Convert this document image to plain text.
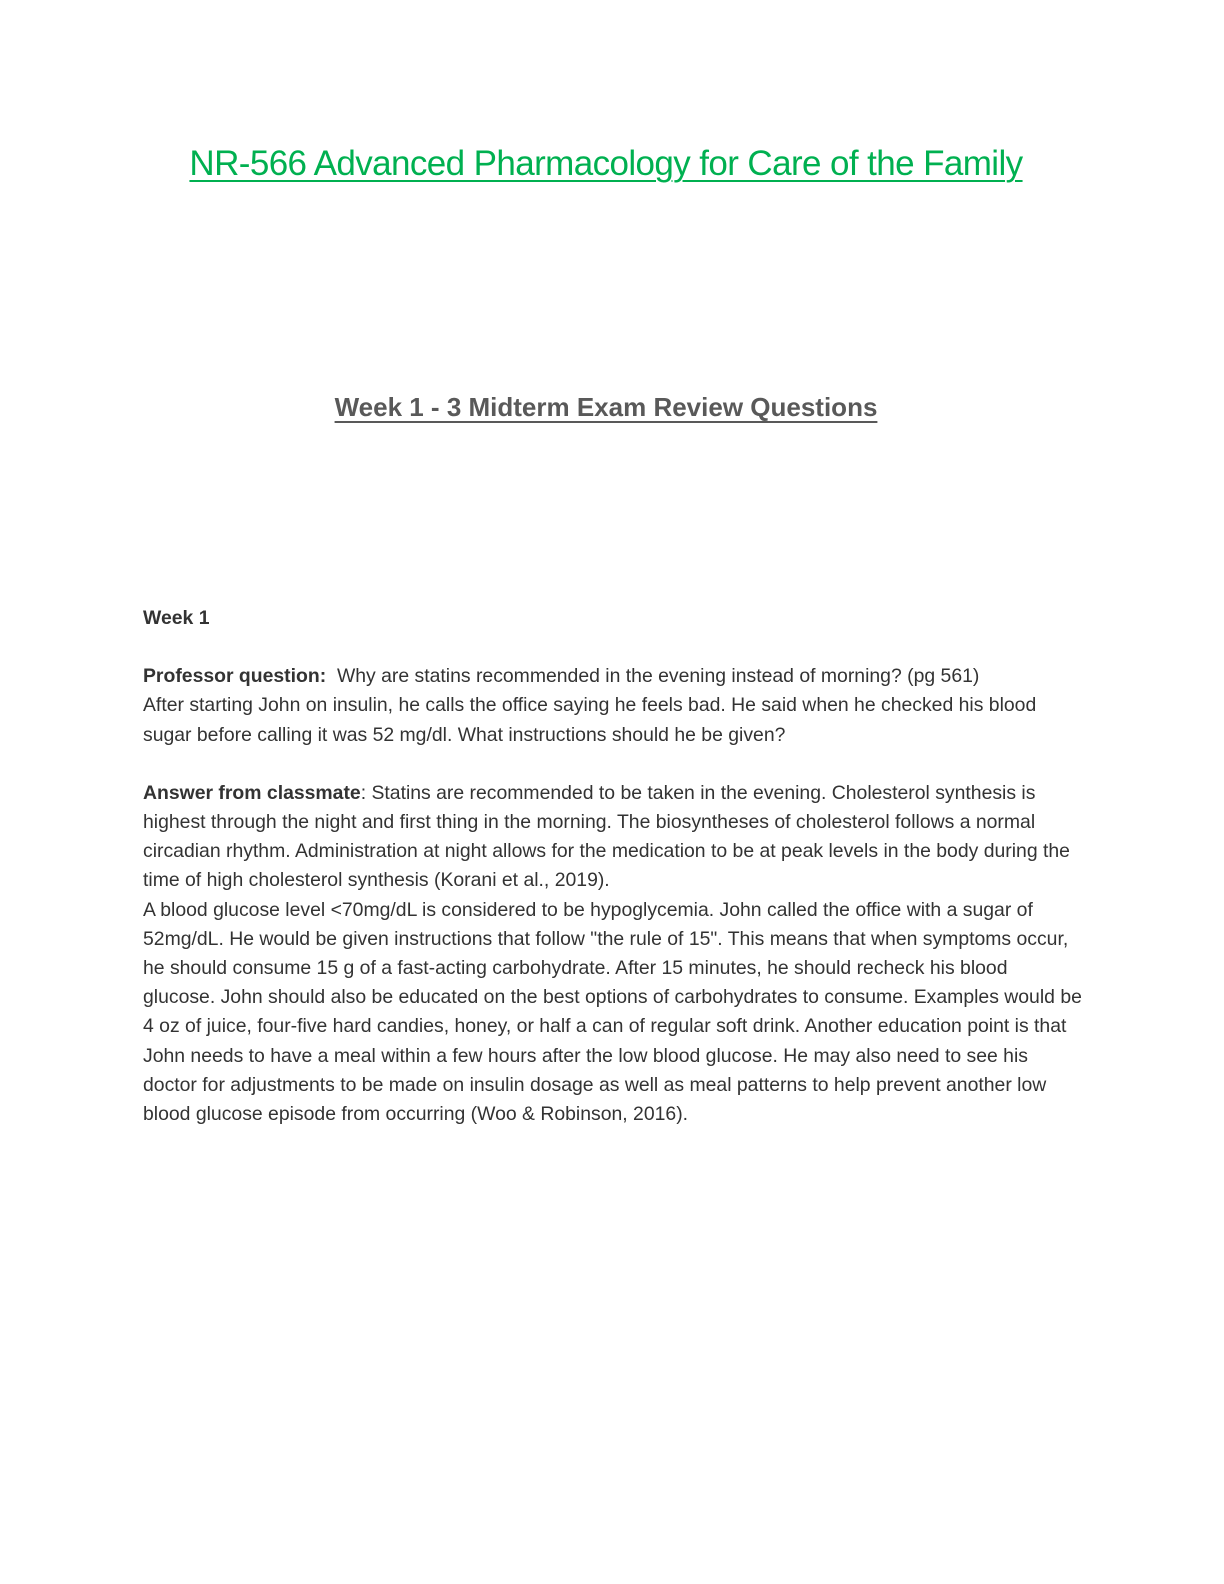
NR-566 Advanced Pharmacology for Care of the Family
Week 1 - 3 Midterm Exam Review Questions

Week 1

Professor question:  Why are statins recommended in the evening instead of morning? (pg 561)

After starting John on insulin, he calls the office saying he feels bad. He said when he checked his blood sugar before calling it was 52 mg/dl. What instructions should he be given?

Answer from classmate: Statins are recommended to be taken in the evening. Cholesterol synthesis is highest through the night and first thing in the morning. The biosyntheses of cholesterol follows a normal circadian rhythm. Administration at night allows for the medication to be at peak levels in the body during the time of high cholesterol synthesis (Korani et al., 2019).

A blood glucose level <70mg/dL is considered to be hypoglycemia. John called the office with a sugar of 52mg/dL. He would be given instructions that follow "the rule of 15". This means that when symptoms occur, he should consume 15 g of a fast-acting carbohydrate. After 15 minutes, he should recheck his blood glucose. John should also be educated on the best options of carbohydrates to consume. Examples would be 4 oz of juice, four-five hard candies, honey, or half a can of regular soft drink. Another education point is that John needs to have a meal within a few hours after the low blood glucose. He may also need to see his doctor for adjustments to be made on insulin dosage as well as meal patterns to help prevent another low blood glucose episode from occurring (Woo & Robinson, 2016).
